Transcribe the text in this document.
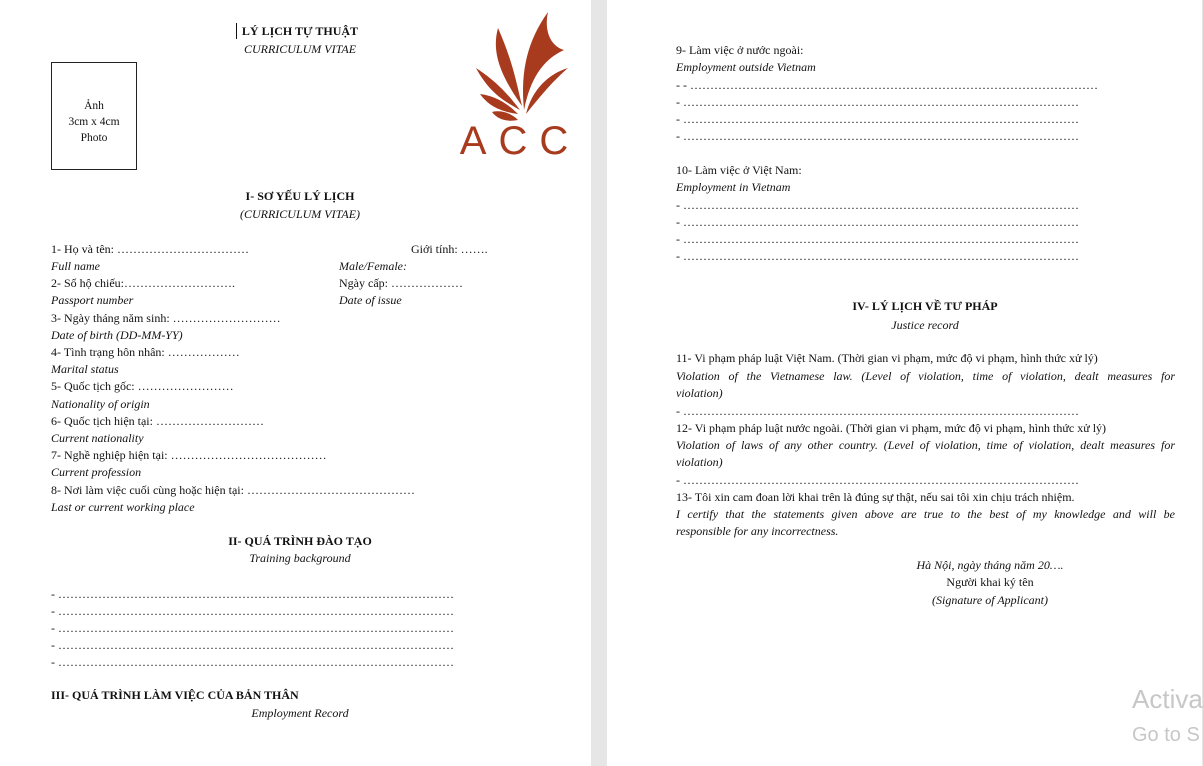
LÝ LỊCH TỰ THUẬT
CURRICULUM VITAE
Ảnh
3cm x 4cm
Photo	ACC
I- SƠ YẾU LÝ LỊCH
(CURRICULUM VITAE)
1- Họ và tên: ……………………………	Giới tính: …….
Full name	Male/Female:
2- Số hộ chiếu:……………………….	Ngày cấp: ………………
Passport number	Date of issue
3- Ngày tháng năm sinh: ………………………
Date of birth (DD-MM-YY)
4- Tình trạng hôn nhân: ………………
Marital status
5- Quốc tịch gốc: ……………………
Nationality of origin
6- Quốc tịch hiện tại: ………………………
Current nationality
7- Nghề nghiệp hiện tại: …………………………………
Current profession
8- Nơi làm việc cuối cùng hoặc hiện tại: ……………………………………
Last or current working place
II- QUÁ TRÌNH ĐÀO TẠO
Training background
- ………………………………………………………………………………………
- ………………………………………………………………………………………
- ………………………………………………………………………………………
- ………………………………………………………………………………………
- ………………………………………………………………………………………
III- QUÁ TRÌNH LÀM VIỆC CỦA BẢN THÂN
Employment Record
9- Làm việc ở nước ngoài:
Employment outside Vietnam
- - …………………………………………………………………………………………
- ………………………………………………………………………………………
- ………………………………………………………………………………………
- ………………………………………………………………………………………
10- Làm việc ở Việt Nam:
Employment in Vietnam
- ………………………………………………………………………………………
- ………………………………………………………………………………………
- ………………………………………………………………………………………
- ………………………………………………………………………………………
IV- LÝ LỊCH VỀ TƯ PHÁP
Justice record
11- Vi phạm pháp luật Việt Nam. (Thời gian vi phạm, mức độ vi phạm, hình thức xử lý)
Violation of the Vietnamese law. (Level of violation, time of violation, dealt measures for
violation)
- ………………………………………………………………………………………
12- Vi phạm pháp luật nước ngoài. (Thời gian vi phạm, mức độ vi phạm, hình thức xử lý)
Violation of laws of any other country. (Level of violation, time of violation, dealt measures for
violation)
- ………………………………………………………………………………………
13- Tôi xin cam đoan lời khai trên là đúng sự thật, nếu sai tôi xin chịu trách nhiệm.
I certify that the statements given above are true to the best of my knowledge and will be
responsible for any incorrectness.
Hà Nội, ngày tháng năm 20….
Người khai ký tên
(Signature of Applicant)
Activa
Go to S
